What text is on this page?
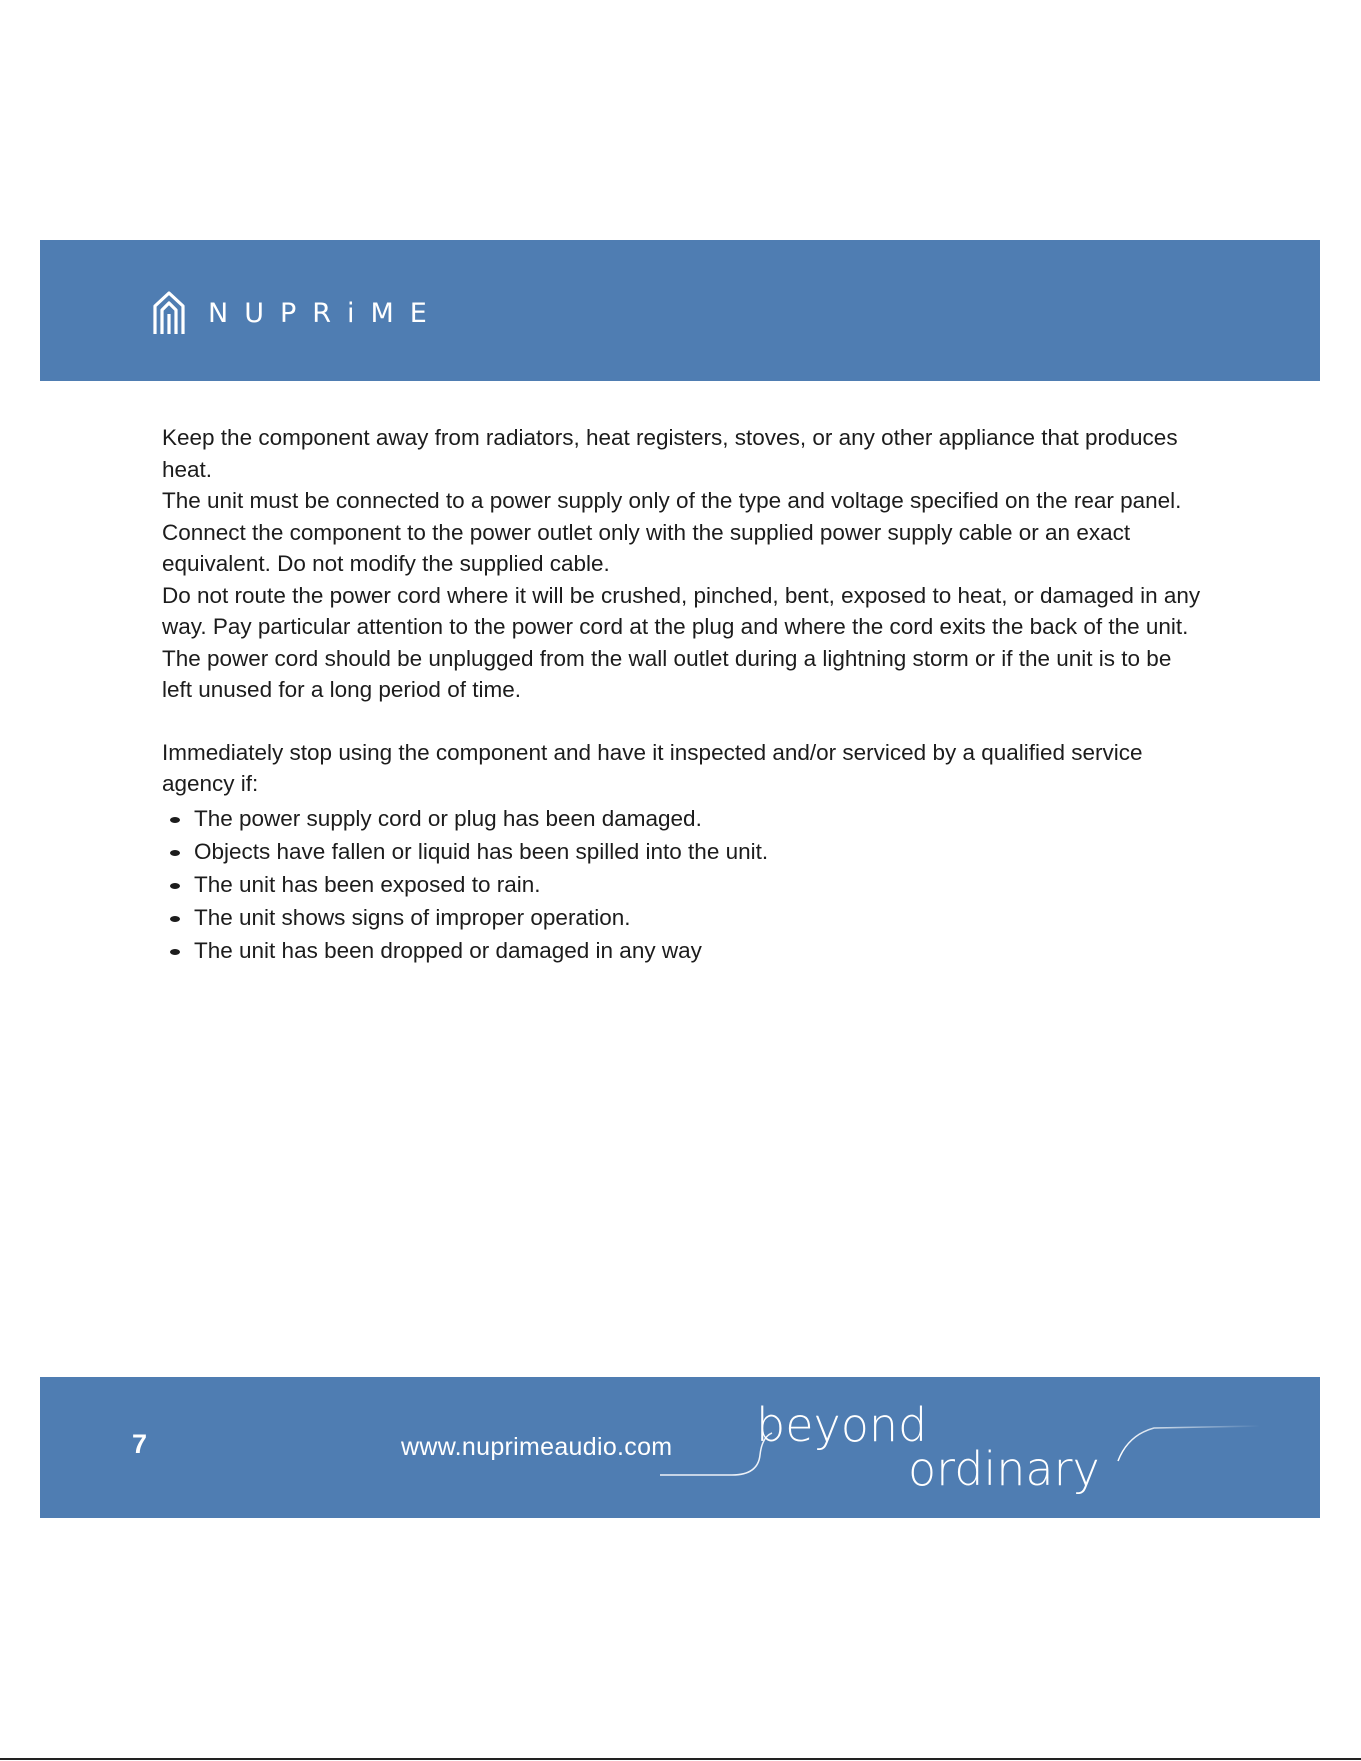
NUPRiME

Keep the component away from radiators, heat registers, stoves, or any other appliance that produces heat.

The unit must be connected to a power supply only of the type and voltage specified on the rear panel. Connect the component to the power outlet only with the supplied power supply cable or an exact equivalent. Do not modify the supplied cable.

Do not route the power cord where it will be crushed, pinched, bent, exposed to heat, or damaged in any way. Pay particular attention to the power cord at the plug and where the cord exits the back of the unit.

The power cord should be unplugged from the wall outlet during a lightning storm or if the unit is to be left unused for a long period of time.

Immediately stop using the component and have it inspected and/or serviced by a qualified service agency if:

The power supply cord or plug has been damaged.
Objects have fallen or liquid has been spilled into the unit.
The unit has been exposed to rain.
The unit shows signs of improper operation.
The unit has been dropped or damaged in any way
7	www.nuprimeaudio.com beyond
ordinary
